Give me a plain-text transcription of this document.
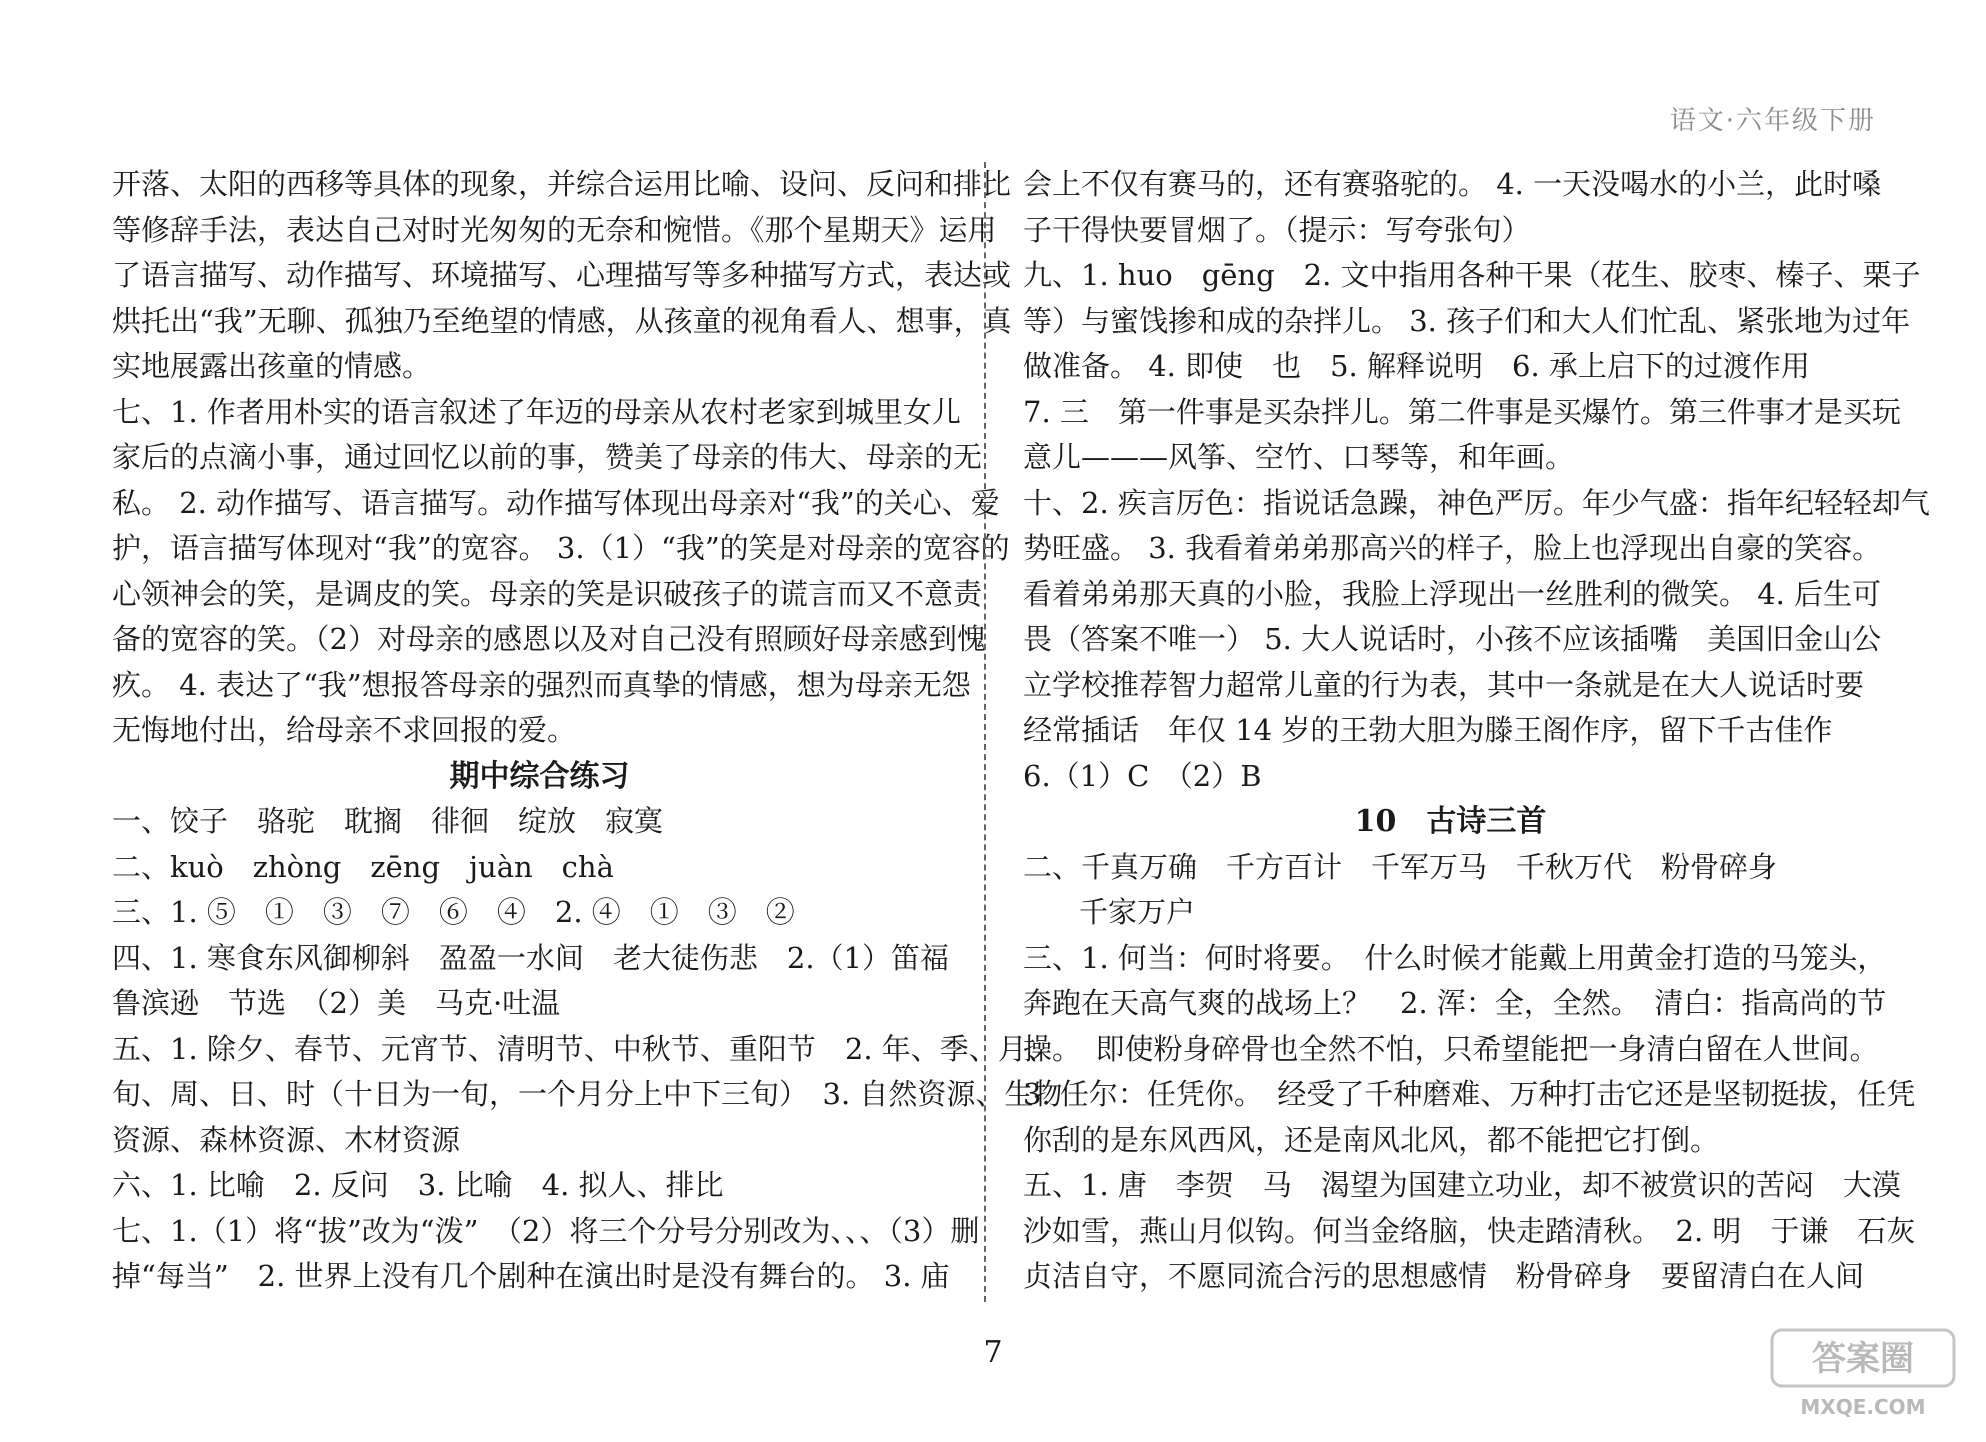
语文·六年级下册
开落、太阳的西移等具体的现象，并综合运用比喻、设问、反问和排比
等修辞手法，表达自己对时光匆匆的无奈和惋惜。《那个星期天》运用
了语言描写、动作描写、环境描写、心理描写等多种描写方式，表达或
烘托出“我”无聊、孤独乃至绝望的情感，从孩童的视角看人、想事，真
实地展露出孩童的情感。
七、1. 作者用朴实的语言叙述了年迈的母亲从农村老家到城里女儿
家后的点滴小事，通过回忆以前的事，赞美了母亲的伟大、母亲的无
私。 2. 动作描写、语言描写。动作描写体现出母亲对“我”的关心、爱
护，语言描写体现对“我”的宽容。 3.（1）“我”的笑是对母亲的宽容的
心领神会的笑，是调皮的笑。母亲的笑是识破孩子的谎言而又不意责
备的宽容的笑。（2）对母亲的感恩以及对自己没有照顾好母亲感到愧
疚。 4. 表达了“我”想报答母亲的强烈而真挚的情感，想为母亲无怨
无悔地付出，给母亲不求回报的爱。
期中综合练习
一、饺子　骆驼　耽搁　徘徊　绽放　寂寞
二、kuò　zhòng　zēng　juàn　chà
三、1. ⑤　①　③　⑦　⑥　④　2. ④　①　③　②
四、1. 寒食东风御柳斜　盈盈一水间　老大徒伤悲　2.（1）笛福
鲁滨逊　节选　（2）美　马克·吐温
五、1. 除夕、春节、元宵节、清明节、中秋节、重阳节　2. 年、季、月、
旬、周、日、时（十日为一旬，一个月分上中下三旬）　3. 自然资源、生物
资源、森林资源、木材资源
六、1. 比喻　2. 反问　3. 比喻　4. 拟人、排比
七、1.（1）将“拔”改为“泼”　（2）将三个分号分别改为、、、（3）删
掉“每当”　2. 世界上没有几个剧种在演出时是没有舞台的。 3. 庙
会上不仅有赛马的，还有赛骆驼的。 4. 一天没喝水的小兰，此时嗓
子干得快要冒烟了。（提示：写夸张句）
九、1. huo　gēng　2. 文中指用各种干果（花生、胶枣、榛子、栗子
等）与蜜饯掺和成的杂拌儿。 3. 孩子们和大人们忙乱、紧张地为过年
做准备。 4. 即使　也　5. 解释说明　6. 承上启下的过渡作用
7. 三　第一件事是买杂拌儿。第二件事是买爆竹。第三件事才是买玩
意儿———风筝、空竹、口琴等，和年画。
十、2. 疾言厉色：指说话急躁，神色严厉。年少气盛：指年纪轻轻却气
势旺盛。 3. 我看着弟弟那高兴的样子，脸上也浮现出自豪的笑容。
看着弟弟那天真的小脸，我脸上浮现出一丝胜利的微笑。 4. 后生可
畏（答案不唯一） 5. 大人说话时，小孩不应该插嘴　美国旧金山公
立学校推荐智力超常儿童的行为表，其中一条就是在大人说话时要
经常插话　年仅 14 岁的王勃大胆为滕王阁作序，留下千古佳作
6.（1）C　（2）B
10　古诗三首
二、千真万确　千方百计　千军万马　千秋万代　粉骨碎身
千家万户
三、1. 何当：何时将要。　什么时候才能戴上用黄金打造的马笼头，
奔跑在天高气爽的战场上？　2. 浑：全，全然。　清白：指高尚的节
操。　即使粉身碎骨也全然不怕，只希望能把一身清白留在人世间。
3. 任尔：任凭你。　经受了千种磨难、万种打击它还是坚韧挺拔，任凭
你刮的是东风西风，还是南风北风，都不能把它打倒。
五、1. 唐　李贺　马　渴望为国建立功业，却不被赏识的苦闷　大漠
沙如雪，燕山月似钩。何当金络脑，快走踏清秋。　2. 明　于谦　石灰
贞洁自守，不愿同流合污的思想感情　粉骨碎身　要留清白在人间
7	答案圈
MXQE.COM
